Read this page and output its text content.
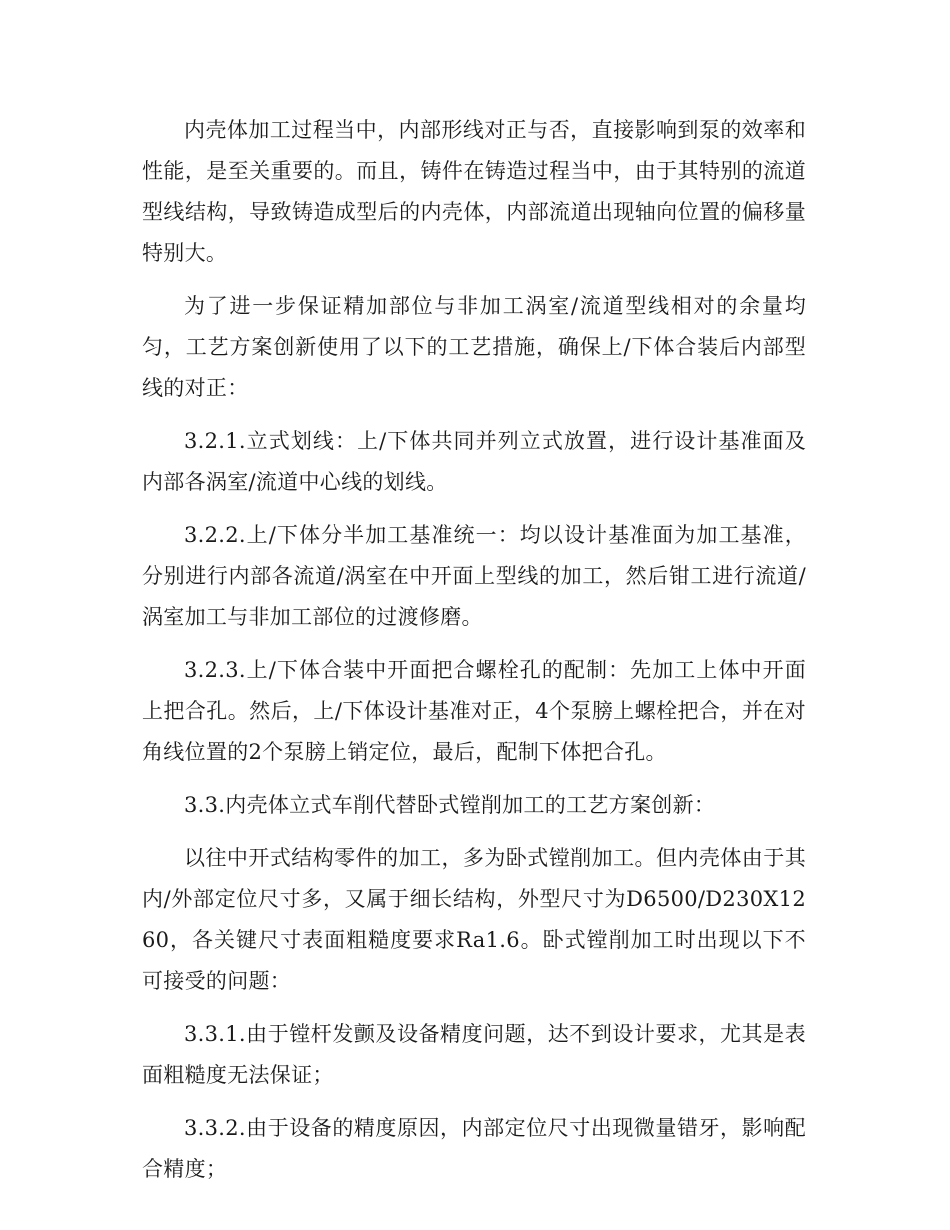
内壳体加工过程当中，内部形线对正与否，直接影响到泵的效率和性能，是至关重要的。而且，铸件在铸造过程当中，由于其特别的流道型线结构，导致铸造成型后的内壳体，内部流道出现轴向位置的偏移量特别大。

为了进一步保证精加部位与非加工涡室/流道型线相对的余量均匀，工艺方案创新使用了以下的工艺措施，确保上/下体合装后内部型线的对正：

3.2.1.立式划线：上/下体共同并列立式放置，进行设计基准面及内部各涡室/流道中心线的划线。

3.2.2.上/下体分半加工基准统一：均以设计基准面为加工基准，分别进行内部各流道/涡室在中开面上型线的加工，然后钳工进行流道/涡室加工与非加工部位的过渡修磨。

3.2.3.上/下体合装中开面把合螺栓孔的配制：先加工上体中开面上把合孔。然后，上/下体设计基准对正，4个泵膀上螺栓把合，并在对角线位置的2个泵膀上销定位，最后，配制下体把合孔。

3.3.内壳体立式车削代替卧式镗削加工的工艺方案创新：

以往中开式结构零件的加工，多为卧式镗削加工。但内壳体由于其内/外部定位尺寸多，又属于细长结构，外型尺寸为D6500/D230X1260，各关键尺寸表面粗糙度要求Ra1.6。卧式镗削加工时出现以下不可接受的问题：

3.3.1.由于镗杆发颤及设备精度问题，达不到设计要求，尤其是表面粗糙度无法保证；

3.3.2.由于设备的精度原因，内部定位尺寸出现微量错牙，影响配合精度；
